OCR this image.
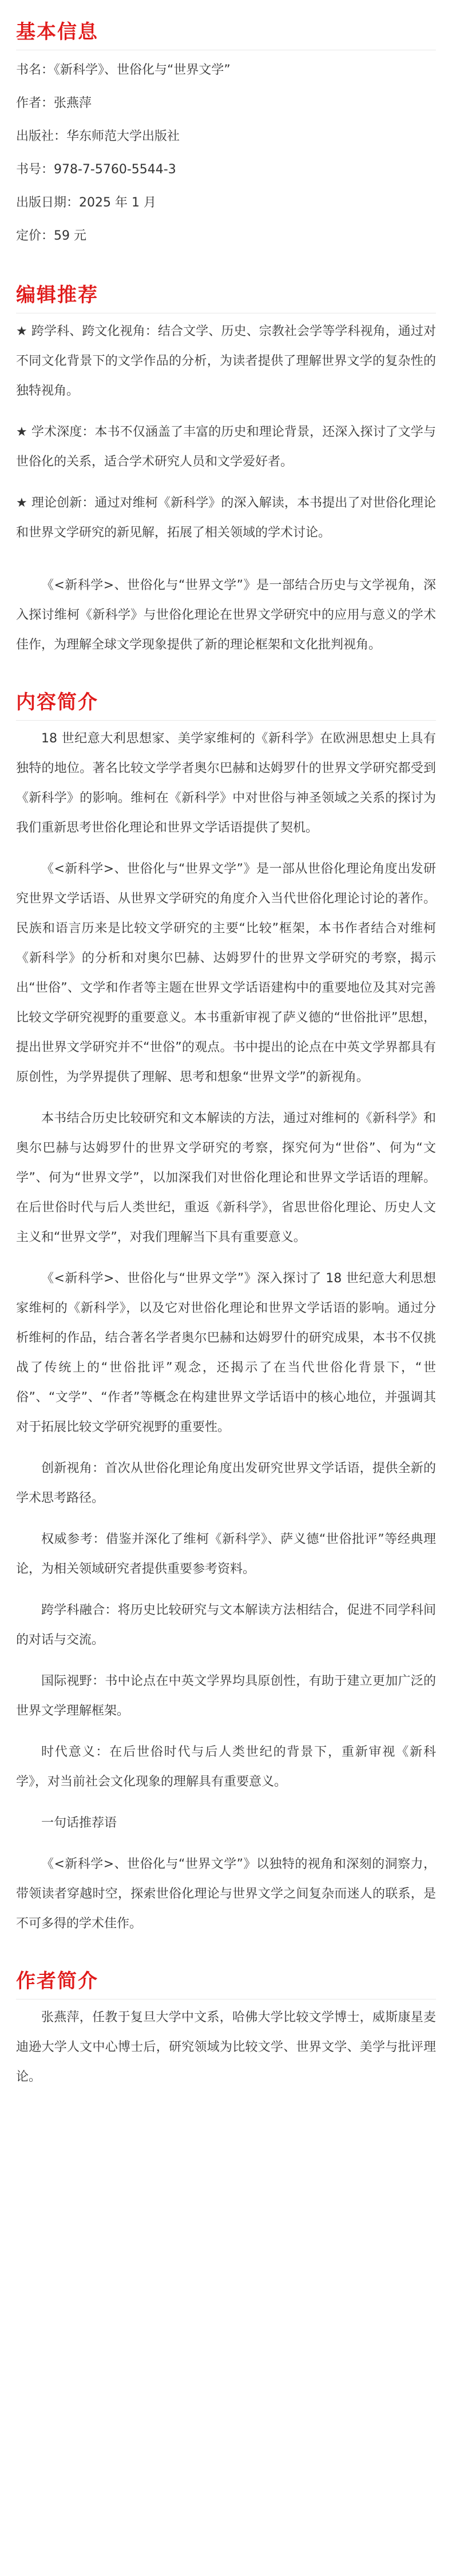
基本信息

书名：《新科学》、世俗化与“世界文学”

作者：张燕萍

出版社：华东师范大学出版社

书号：978-7-5760-5544-3

出版日期：2025 年 1 月

定价：59 元

编辑推荐

★ 跨学科、跨文化视角：结合文学、历史、宗教社会学等学科视角，通过对不同文化背景下的文学作品的分析，为读者提供了理解世界文学的复杂性的独特视角。

★ 学术深度：本书不仅涵盖了丰富的历史和理论背景，还深入探讨了文学与世俗化的关系，适合学术研究人员和文学爱好者。

★ 理论创新：通过对维柯《新科学》的深入解读，本书提出了对世俗化理论和世界文学研究的新见解，拓展了相关领域的学术讨论。

《<新科学>、世俗化与“世界文学”》是一部结合历史与文学视角，深入探讨维柯《新科学》与世俗化理论在世界文学研究中的应用与意义的学术佳作，为理解全球文学现象提供了新的理论框架和文化批判视角。

内容简介

18 世纪意大利思想家、美学家维柯的《新科学》在欧洲思想史上具有独特的地位。著名比较文学学者奥尔巴赫和达姆罗什的世界文学研究都受到《新科学》的影响。维柯在《新科学》中对世俗与神圣领域之关系的探讨为我们重新思考世俗化理论和世界文学话语提供了契机。

《<新科学>、世俗化与“世界文学”》是一部从世俗化理论角度出发研究世界文学话语、从世界文学研究的角度介入当代世俗化理论讨论的著作。民族和语言历来是比较文学研究的主要“比较”框架，本书作者结合对维柯《新科学》的分析和对奥尔巴赫、达姆罗什的世界文学研究的考察，揭示出“世俗”、文学和作者等主题在世界文学话语建构中的重要地位及其对完善比较文学研究视野的重要意义。本书重新审视了萨义德的“世俗批评”思想，提出世界文学研究并不“世俗”的观点。书中提出的论点在中英文学界都具有原创性，为学界提供了理解、思考和想象“世界文学”的新视角。

本书结合历史比较研究和文本解读的方法，通过对维柯的《新科学》和奥尔巴赫与达姆罗什的世界文学研究的考察，探究何为“世俗”、何为“文学”、何为“世界文学”，以加深我们对世俗化理论和世界文学话语的理解。在后世俗时代与后人类世纪，重返《新科学》，省思世俗化理论、历史人文主义和“世界文学”，对我们理解当下具有重要意义。

《<新科学>、世俗化与“世界文学”》深入探讨了 18 世纪意大利思想家维柯的《新科学》，以及它对世俗化理论和世界文学话语的影响。通过分析维柯的作品，结合著名学者奥尔巴赫和达姆罗什的研究成果，本书不仅挑战了传统上的“世俗批评”观念，还揭示了在当代世俗化背景下，“世俗”、“文学”、“作者”等概念在构建世界文学话语中的核心地位，并强调其对于拓展比较文学研究视野的重要性。

创新视角：首次从世俗化理论角度出发研究世界文学话语，提供全新的学术思考路径。

权威参考：借鉴并深化了维柯《新科学》、萨义德“世俗批评”等经典理论，为相关领域研究者提供重要参考资料。

跨学科融合：将历史比较研究与文本解读方法相结合，促进不同学科间的对话与交流。

国际视野：书中论点在中英文学界均具原创性，有助于建立更加广泛的世界文学理解框架。

时代意义：在后世俗时代与后人类世纪的背景下，重新审视《新科学》，对当前社会文化现象的理解具有重要意义。

一句话推荐语

《<新科学>、世俗化与“世界文学”》以独特的视角和深刻的洞察力，带领读者穿越时空，探索世俗化理论与世界文学之间复杂而迷人的联系，是不可多得的学术佳作。

作者简介

张燕萍，任教于复旦大学中文系，哈佛大学比较文学博士，威斯康星麦迪逊大学人文中心博士后，研究领域为比较文学、世界文学、美学与批评理论。
